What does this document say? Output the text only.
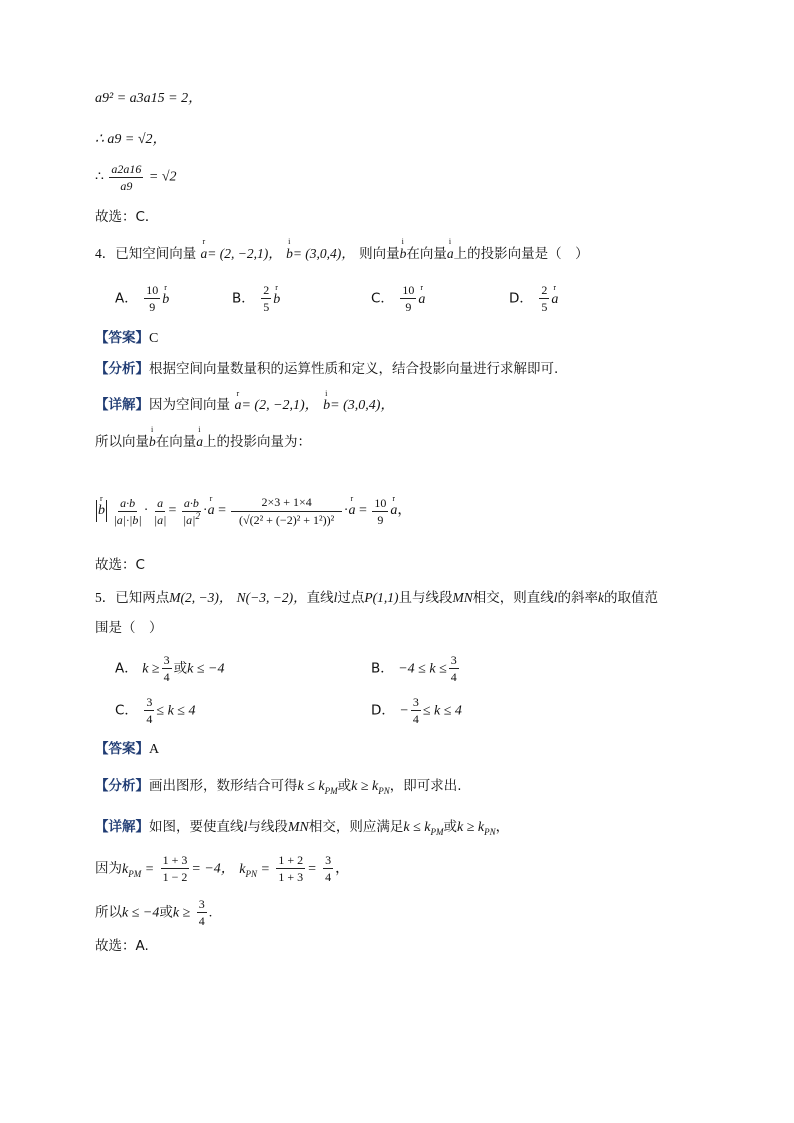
a9² = a3a15 = 2，
∴ a9 = √2，
∴ $\frac{a2a16}{a9} = √2$
故选：C．
4．已知空间向量
r
a= (2, −2,1)，
i
b= (3,0,4)， 则向量
i
b在向量
i
a上的投影向量是（　）
A． $\frac{10}{9}$ r
b	B． $\frac{2}{5}$ r
b	C． $\frac{10}{9}$ r
a	D． $\frac{2}{5}$ r
a
【答案】C
【分析】根据空间向量数量积的运算性质和定义，结合投影向量进行求解即可.
【详解】因为空间向量
r
a= (2, −2,1)，
i
b= (3,0,4)，
所以向量
i
b在向量
i
a上的投影向量为：
r
b $\frac{a\cdot b}{|a|\cdot|b|} \cdot \frac{a}{|a|} = \frac{a\cdot b}{|a|^2}$ ·
r
$a = \frac{2\times 3 + 1\times 4}{\text{(√(2² + (−2)² + 1²))²}}$ ·
r
$a = \frac{10}{9}$ r
a，
故选：C
5．已知两点M(2, −3)， N(−3, −2)，直线l过点P(1,1)且与线段MN相交，则直线l的斜率k的取值范
围是（　）
A． $k \ge \frac{3}{4}$ 或k ≤ −4	B． $-4 \le k \le \frac{3}{4}$
C． $\frac{3}{4} \le k \le 4$	D． − $\frac{3}{4} \le k \le 4$
【答案】A
【分析】画出图形，数形结合可得$k \le k_{PM}$或$k \ge k_{PN}$，即可求出.
【详解】如图，要使直线l与线段MN相交，则应满足$k \le k_{PM}$或$k \ge k_{PN}$，
因为$k_{PM} = \frac{1 + 3}{1 - 2} = -4$， $k_{PN} = \frac{1 + 2}{1 + 3} = \frac{3}{4}$ ，
所以k ≤ −4或$k \ge \frac{3}{4}$ .
故选：A.
